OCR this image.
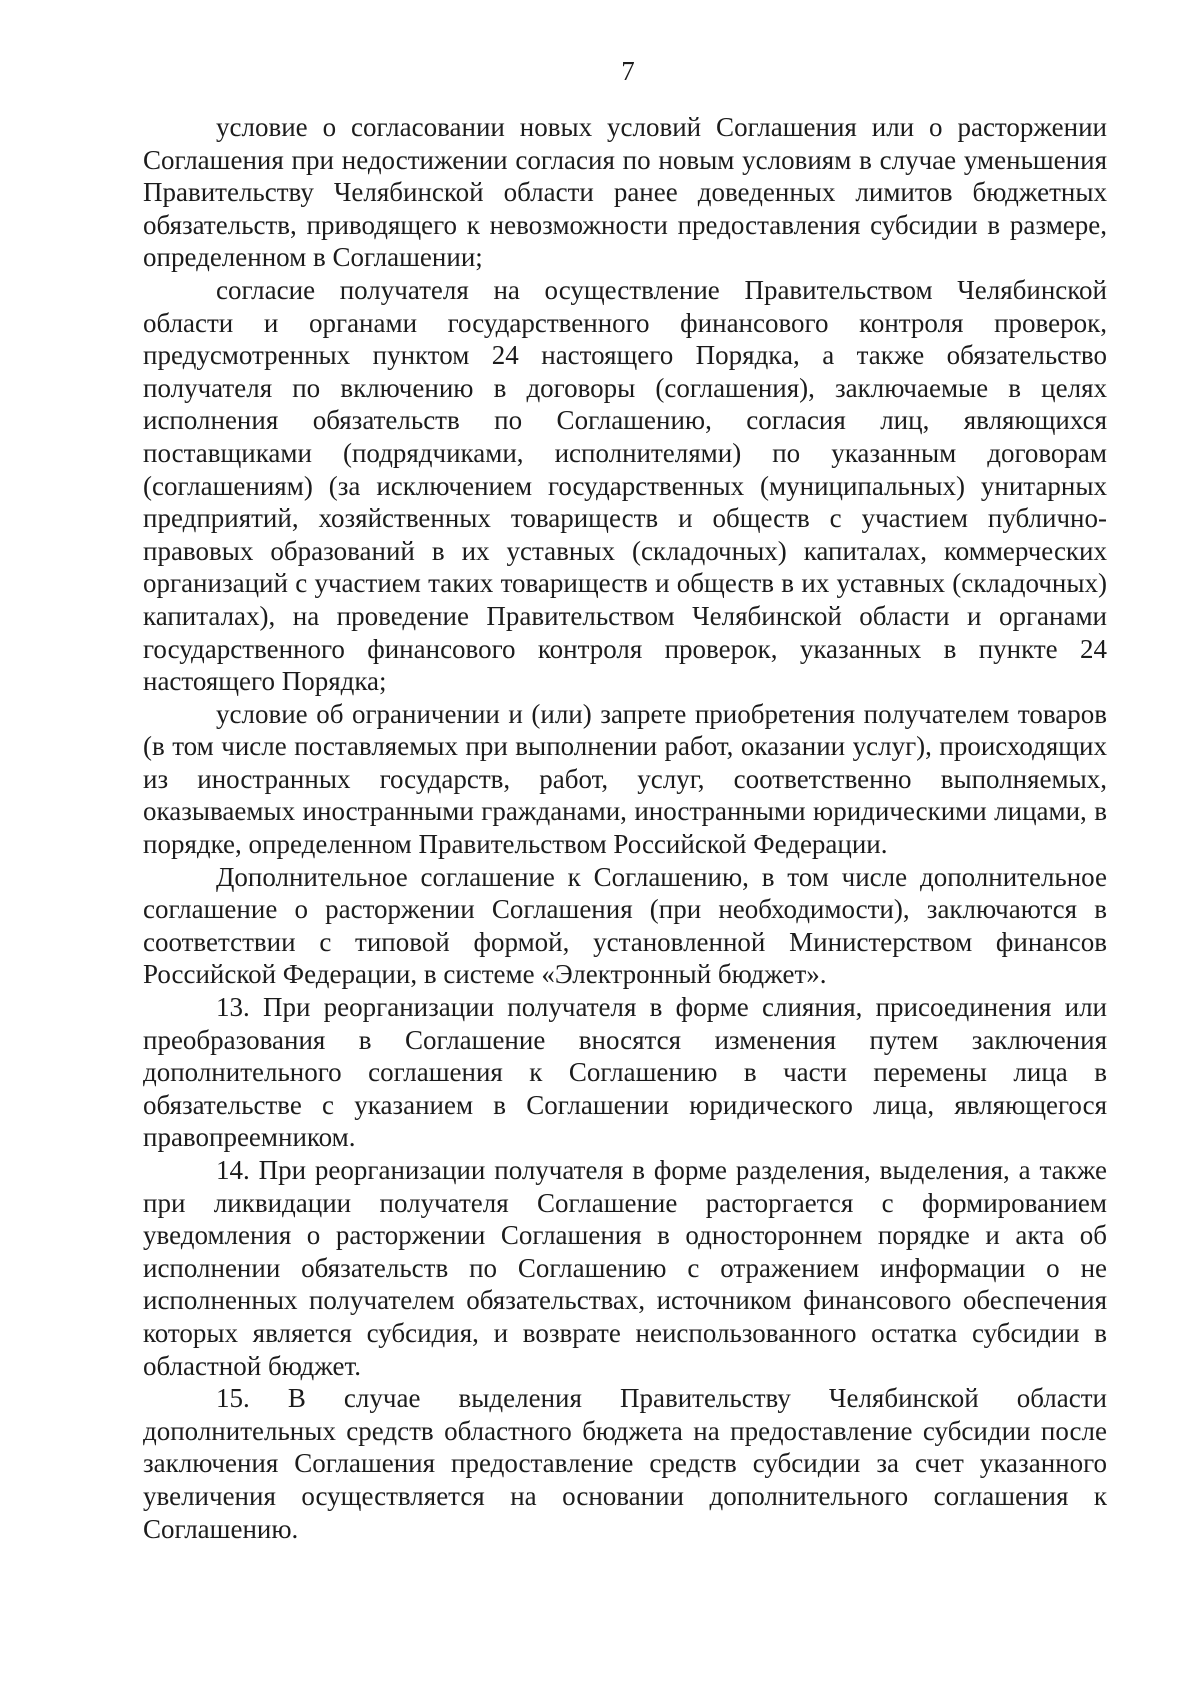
7

условие о согласовании новых условий Соглашения или о расторжении Соглашения при недостижении согласия по новым условиям в случае уменьшения Правительству Челябинской области ранее доведенных лимитов бюджетных обязательств, приводящего к невозможности предоставления субсидии в размере, определенном в Соглашении;

согласие получателя на осуществление Правительством Челябинской области и органами государственного финансового контроля проверок, предусмотренных пунктом 24 настоящего Порядка, а также обязательство получателя по включению в договоры (соглашения), заключаемые в целях исполнения обязательств по Соглашению, согласия лиц, являющихся поставщиками (подрядчиками, исполнителями) по указанным договорам (соглашениям) (за исключением государственных (муниципальных) унитарных предприятий, хозяйственных товариществ и обществ с участием публично-правовых образований в их уставных (складочных) капиталах, коммерческих организаций с участием таких товариществ и обществ в их уставных (складочных) капиталах), на проведение Правительством Челябинской области и органами государственного финансового контроля проверок, указанных в пункте 24 настоящего Порядка;

условие об ограничении и (или) запрете приобретения получателем товаров (в том числе поставляемых при выполнении работ, оказании услуг), происходящих из иностранных государств, работ, услуг, соответственно выполняемых, оказываемых иностранными гражданами, иностранными юридическими лицами, в порядке, определенном Правительством Российской Федерации.

Дополнительное соглашение к Соглашению, в том числе дополнительное соглашение о расторжении Соглашения (при необходимости), заключаются в соответствии с типовой формой, установленной Министерством финансов Российской Федерации, в системе «Электронный бюджет».

13. При реорганизации получателя в форме слияния, присоединения или преобразования в Соглашение вносятся изменения путем заключения дополнительного соглашения к Соглашению в части перемены лица в обязательстве с указанием в Соглашении юридического лица, являющегося правопреемником.

14. При реорганизации получателя в форме разделения, выделения, а также при ликвидации получателя Соглашение расторгается с формированием уведомления о расторжении Соглашения в одностороннем порядке и акта об исполнении обязательств по Соглашению с отражением информации о не исполненных получателем обязательствах, источником финансового обеспечения которых является субсидия, и возврате неиспользованного остатка субсидии в областной бюджет.

15. В случае выделения Правительству Челябинской области дополнительных средств областного бюджета на предоставление субсидии после заключения Соглашения предоставление средств субсидии за счет указанного увеличения осуществляется на основании дополнительного соглашения к Соглашению.
